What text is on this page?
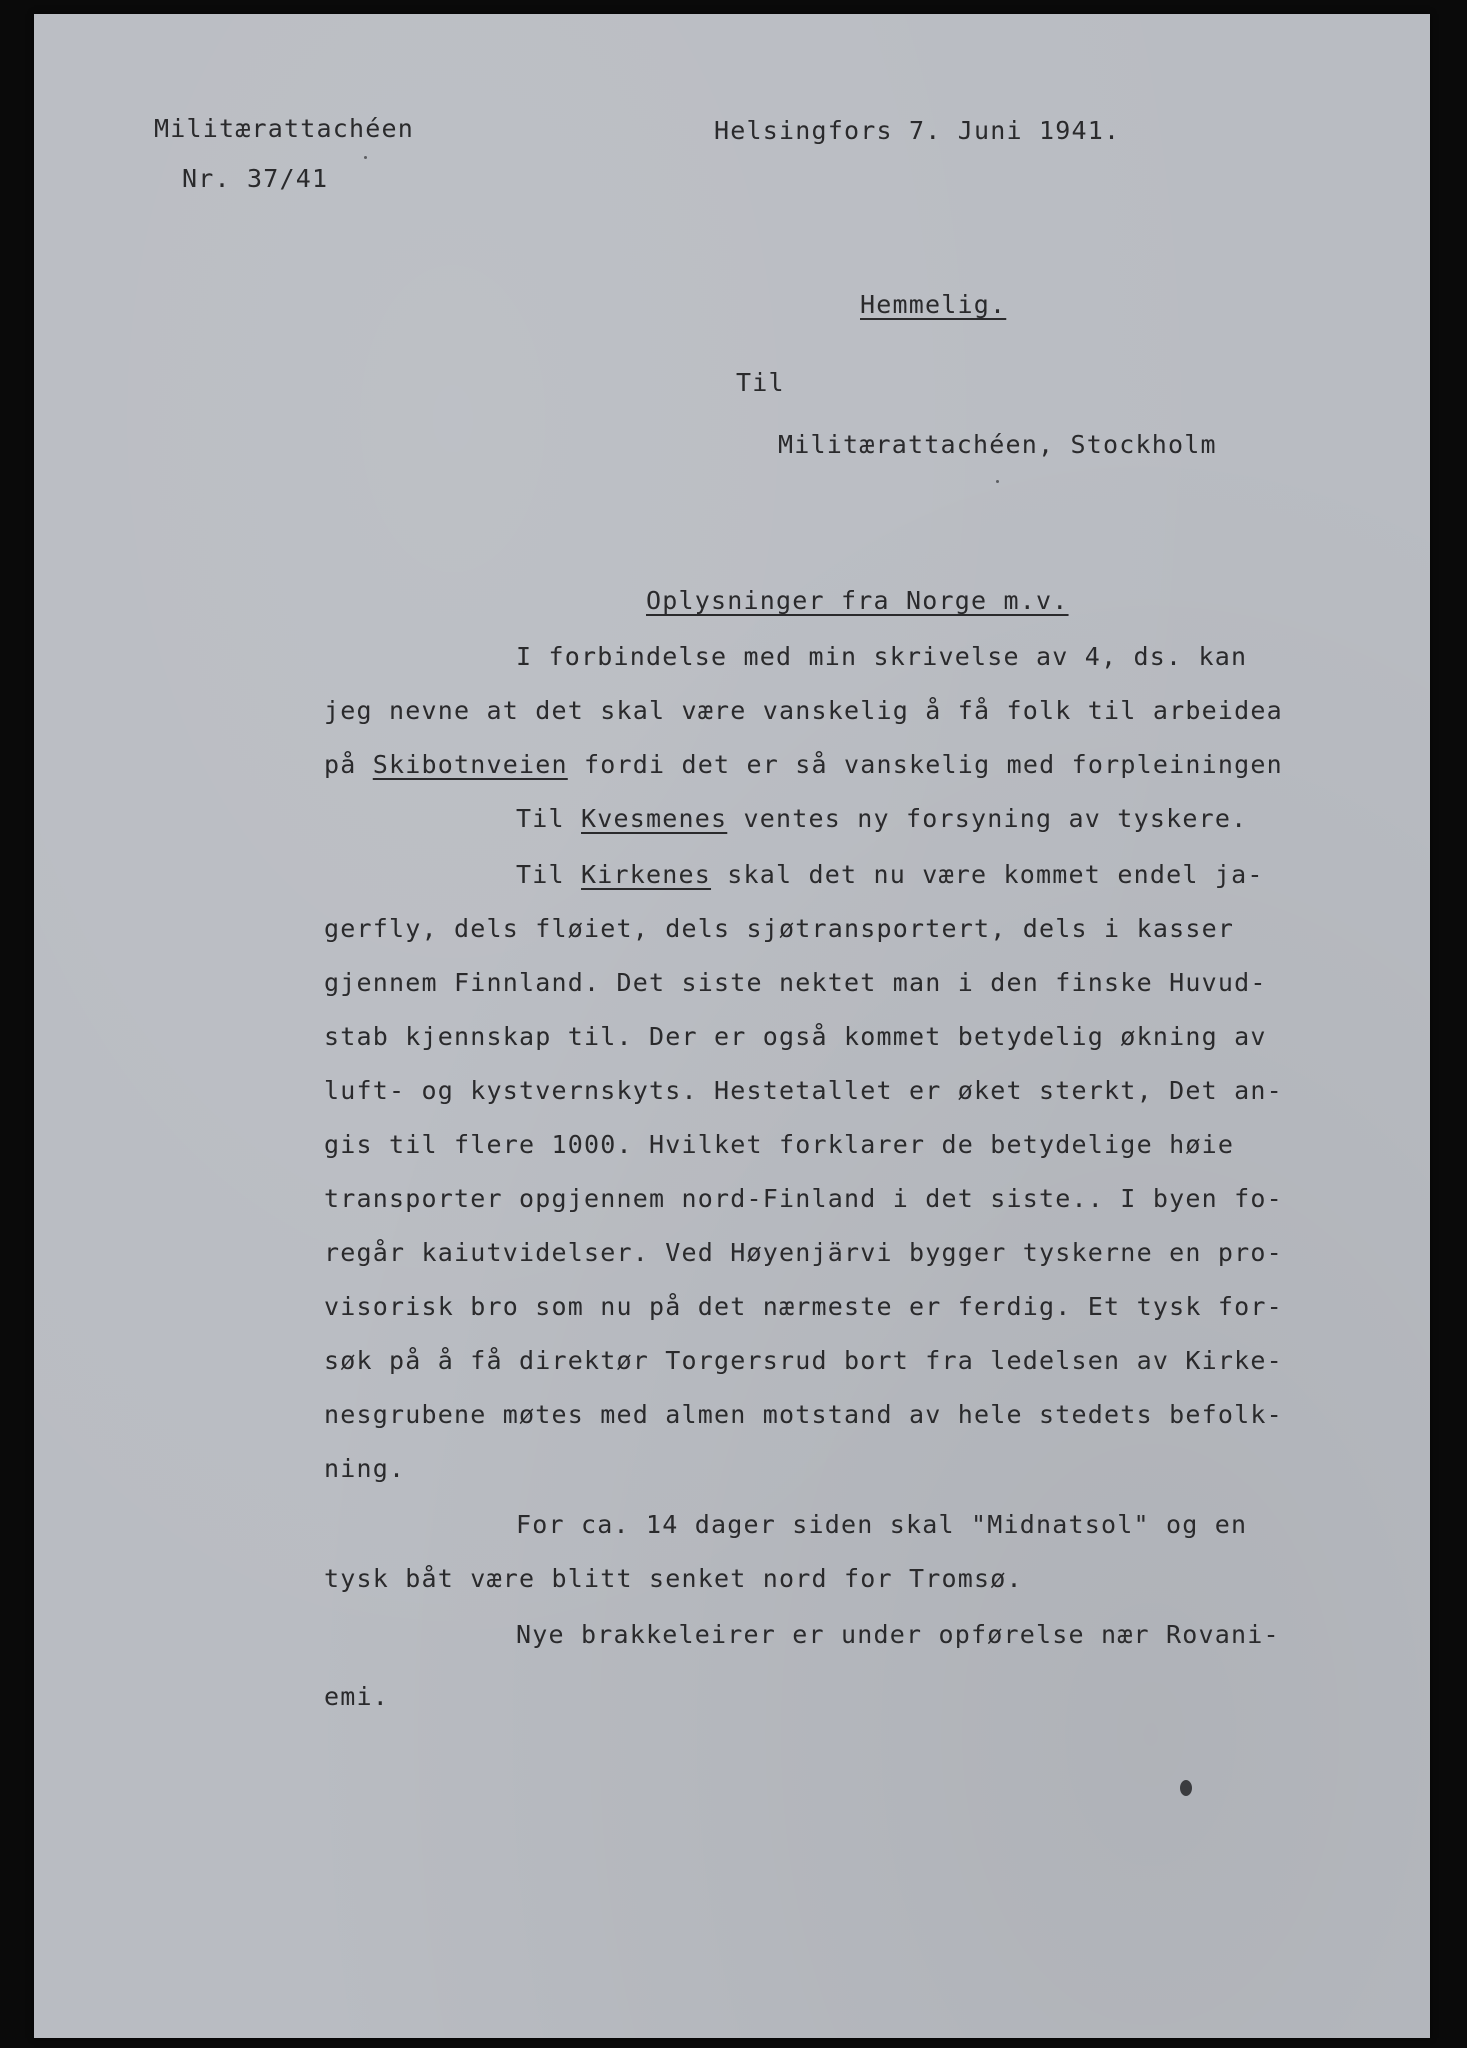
Militærattachéen
Nr. 37/41
Helsingfors 7. Juni 1941.
Hemmelig.
Til
Militærattachéen, Stockholm
Oplysninger fra Norge m.v.
I forbindelse med min skrivelse av 4, ds. kan
jeg nevne at det skal være vanskelig å få folk til arbeidea
på Skibotnveien fordi det er så vanskelig med forpleiningen
Til Kvesmenes ventes ny forsyning av tyskere.
Til Kirkenes skal det nu være kommet endel ja-
gerfly, dels fløiet, dels sjøtransportert, dels i kasser
gjennem Finnland. Det siste nektet man i den finske Huvud-
stab kjennskap til. Der er også kommet betydelig økning av
luft- og kystvernskyts. Hestetallet er øket sterkt, Det an-
gis til flere 1000. Hvilket forklarer de betydelige høie
transporter opgjennem nord-Finland i det siste.. I byen fo-
regår kaiutvidelser. Ved Høyenjärvi bygger tyskerne en pro-
visorisk bro som nu på det nærmeste er ferdig. Et tysk for-
søk på å få direktør Torgersrud bort fra ledelsen av Kirke-
nesgrubene møtes med almen motstand av hele stedets befolk-
ning.
For ca. 14 dager siden skal "Midnatsol" og en
tysk båt være blitt senket nord for Tromsø.
Nye brakkeleirer er under opførelse nær Rovani-
emi.
